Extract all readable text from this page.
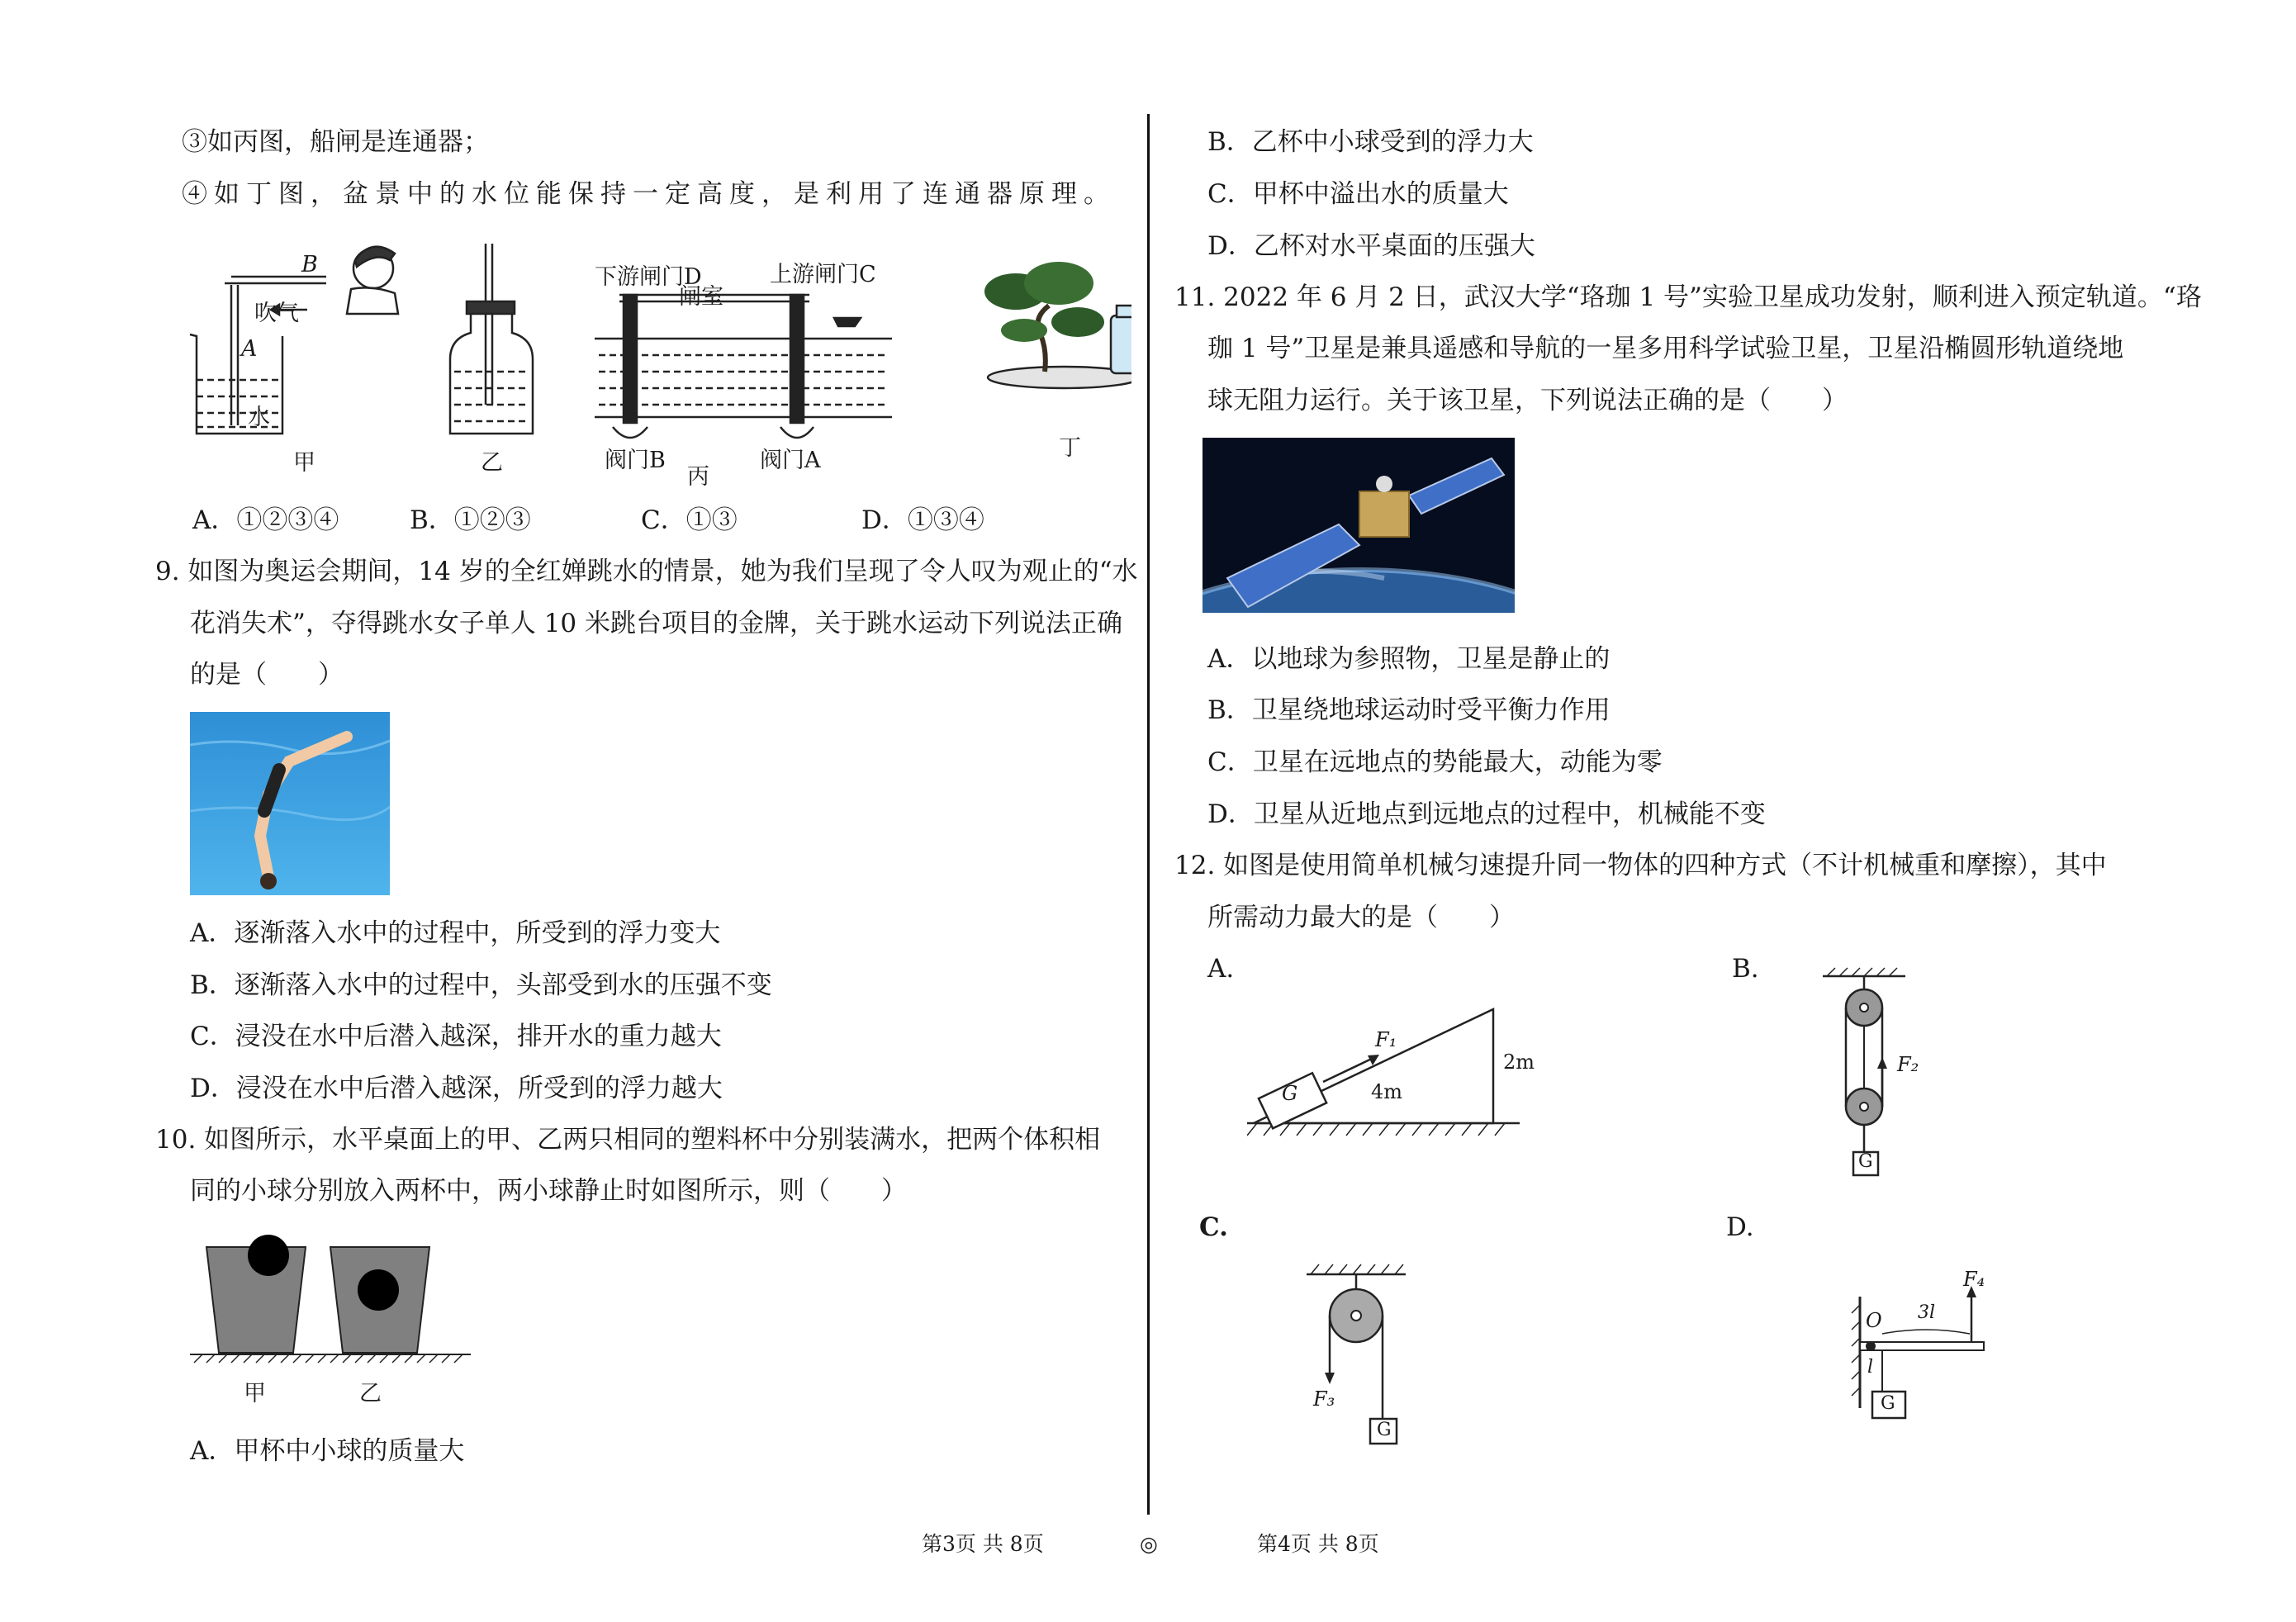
③如丙图，船闸是连通器；
④如丁图，盆景中的水位能保持一定高度，是利用了连通器原理。
B
吹气
A
水
下游闸门D
闸室
上游闸门C
阀门B	阀门A
甲	乙
丙
丁
A．①②③④	B．①②③	C．①③	D．①③④
9. 如图为奥运会期间，14 岁的全红婵跳水的情景，她为我们呈现了令人叹为观止的“水
花消失术”，夺得跳水女子单人 10 米跳台项目的金牌，关于跳水运动下列说法正确
的是（　　）
A．逐渐落入水中的过程中，所受到的浮力变大
B．逐渐落入水中的过程中，头部受到水的压强不变
C．浸没在水中后潜入越深，排开水的重力越大
D．浸没在水中后潜入越深，所受到的浮力越大
10. 如图所示，水平桌面上的甲、乙两只相同的塑料杯中分别装满水，把两个体积相
同的小球分别放入两杯中，两小球静止时如图所示，则（　　）
甲	乙
A．甲杯中小球的质量大
B．乙杯中小球受到的浮力大
C．甲杯中溢出水的质量大
D．乙杯对水平桌面的压强大
11. 2022 年 6 月 2 日，武汉大学“珞珈 1 号”实验卫星成功发射，顺利进入预定轨道。“珞
珈 1 号”卫星是兼具遥感和导航的一星多用科学试验卫星，卫星沿椭圆形轨道绕地
球无阻力运行。关于该卫星，下列说法正确的是（　　）
A．以地球为参照物，卫星是静止的
B．卫星绕地球运动时受平衡力作用
C．卫星在远地点的势能最大，动能为零
D．卫星从近地点到远地点的过程中，机械能不变
12. 如图是使用简单机械匀速提升同一物体的四种方式（不计机械重和摩擦），其中
所需动力最大的是（　　）
A.	B.
C.	D.
G
F₁
4m
2m	F₂
G
F₃
G
O 3l
l
F₄
G
第3页 共 8页	◎	第4页 共 8页
